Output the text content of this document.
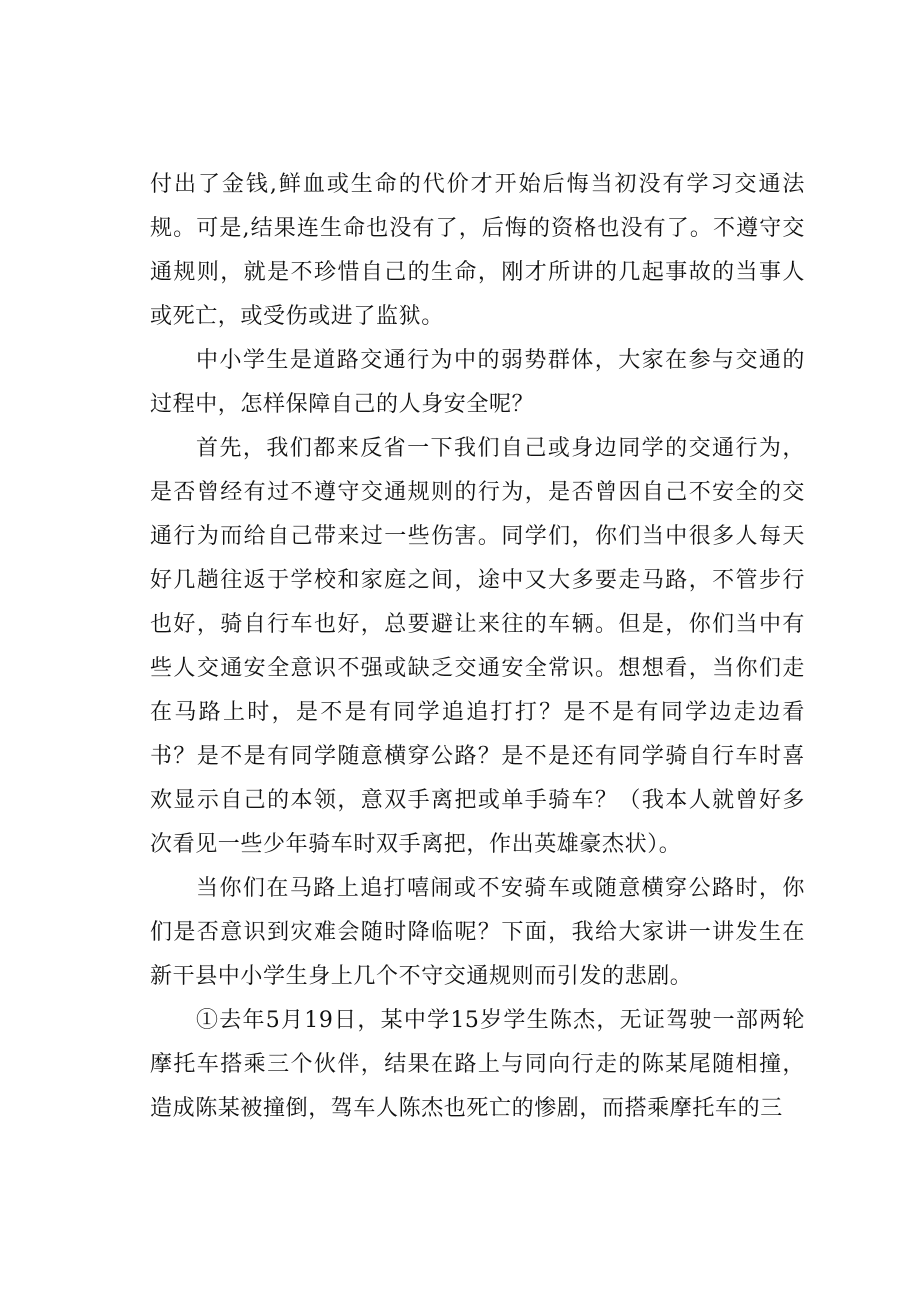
付出了金钱,鲜血或生命的代价才开始后悔当初没有学习交通法规。可是,结果连生命也没有了，后悔的资格也没有了。不遵守交通规则，就是不珍惜自己的生命，刚才所讲的几起事故的当事人或死亡，或受伤或进了监狱。

中小学生是道路交通行为中的弱势群体，大家在参与交通的过程中，怎样保障自己的人身安全呢？

首先，我们都来反省一下我们自己或身边同学的交通行为，是否曾经有过不遵守交通规则的行为，是否曾因自己不安全的交通行为而给自己带来过一些伤害。同学们，你们当中很多人每天好几趟往返于学校和家庭之间，途中又大多要走马路，不管步行也好，骑自行车也好，总要避让来往的车辆。但是，你们当中有些人交通安全意识不强或缺乏交通安全常识。想想看，当你们走在马路上时，是不是有同学追追打打？是不是有同学边走边看书？是不是有同学随意横穿公路？是不是还有同学骑自行车时喜欢显示自己的本领，意双手离把或单手骑车？（我本人就曾好多次看见一些少年骑车时双手离把，作出英雄豪杰状）。

当你们在马路上追打嘻闹或不安骑车或随意横穿公路时，你们是否意识到灾难会随时降临呢？下面，我给大家讲一讲发生在新干县中小学生身上几个不守交通规则而引发的悲剧。

①去年5月19日，某中学15岁学生陈杰，无证驾驶一部两轮摩托车搭乘三个伙伴，结果在路上与同向行走的陈某尾随相撞，造成陈某被撞倒，驾车人陈杰也死亡的惨剧，而搭乘摩托车的三
